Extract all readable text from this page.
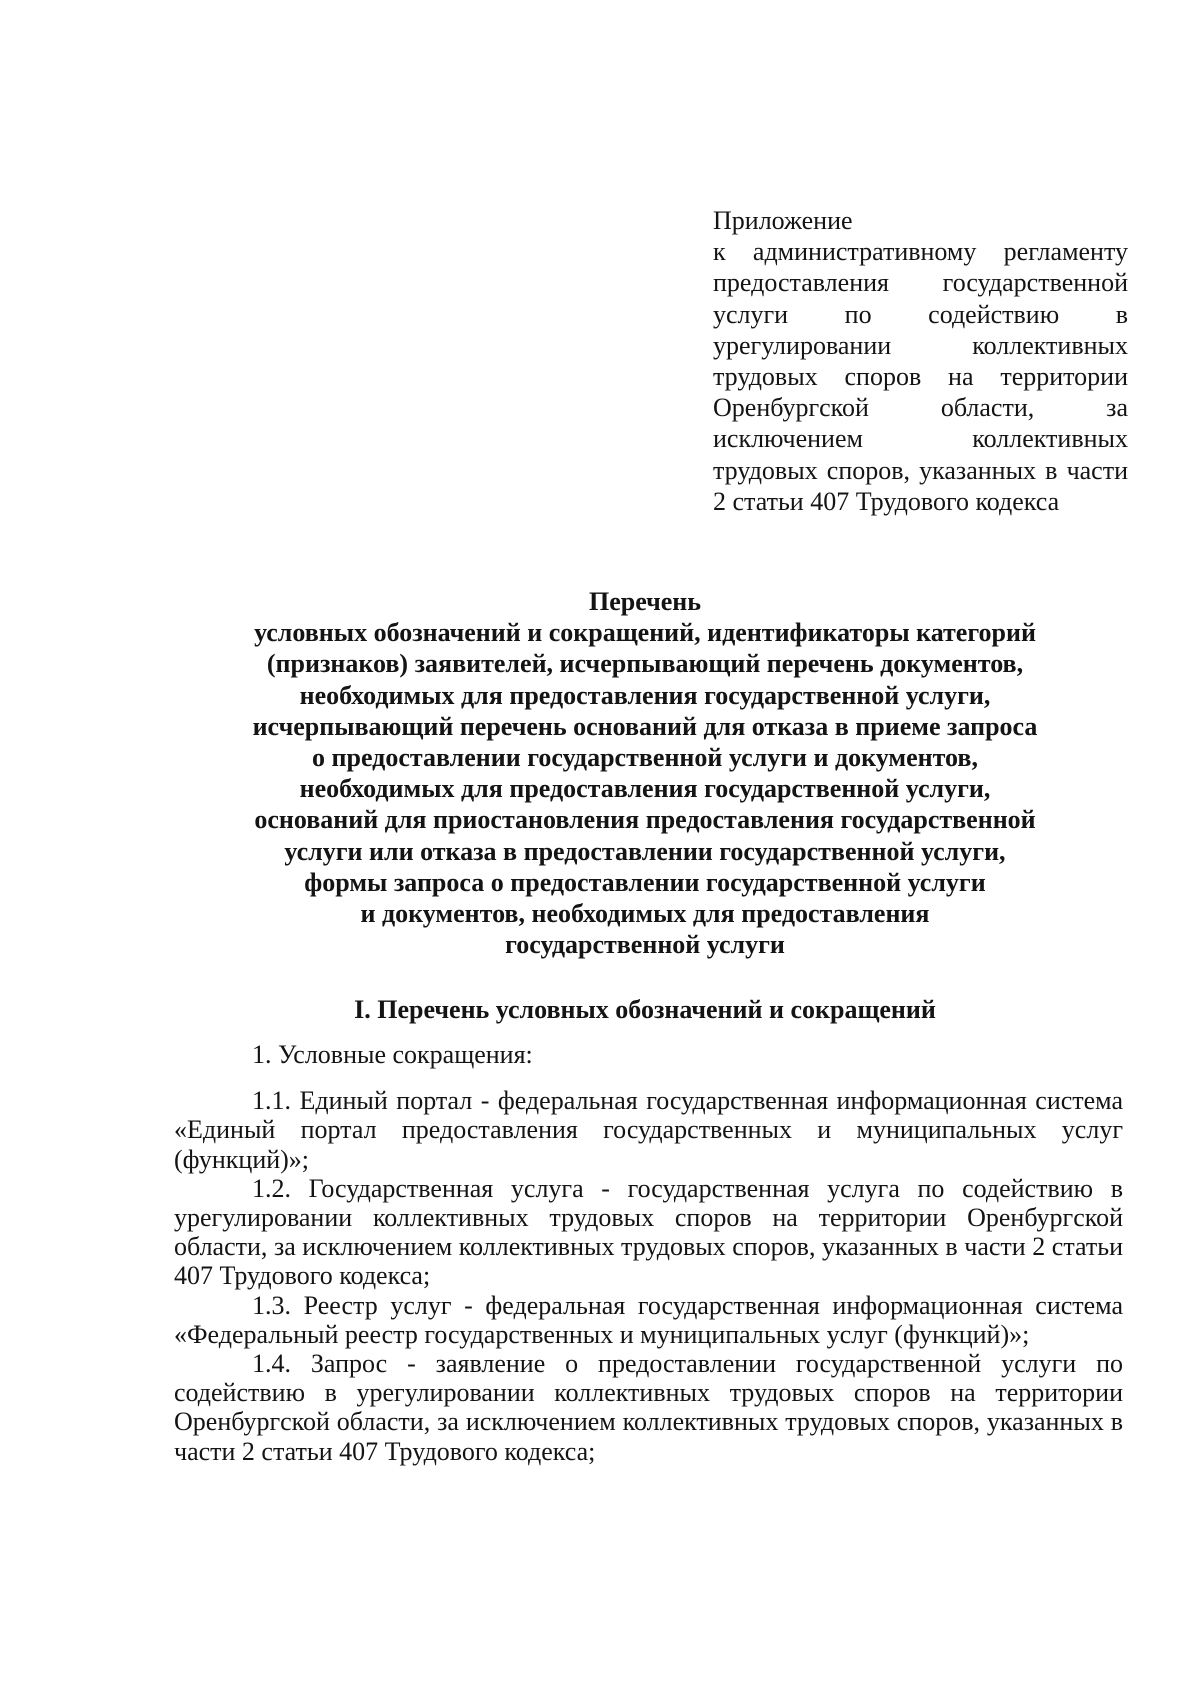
Приложение
к административному регламенту предоставления государственной услуги по содействию в урегулировании коллективных трудовых споров на территории Оренбургской области, за исключением коллективных трудовых споров, указанных в части 2 статьи 407 Трудового кодекса
Перечень
условных обозначений и сокращений, идентификаторы категорий
(признаков) заявителей, исчерпывающий перечень документов,
необходимых для предоставления государственной услуги,
исчерпывающий перечень оснований для отказа в приеме запроса
о предоставлении государственной услуги и документов,
необходимых для предоставления государственной услуги,
оснований для приостановления предоставления государственной
услуги или отказа в предоставлении государственной услуги,
формы запроса о предоставлении государственной услуги
и документов, необходимых для предоставления
государственной услуги
I. Перечень условных обозначений и сокращений

1. Условные сокращения:

1.1. Единый портал - федеральная государственная информационная система «Единый портал предоставления государственных и муниципальных услуг (функций)»;

1.2. Государственная услуга - государственная услуга по содействию в урегулировании коллективных трудовых споров на территории Оренбургской области, за исключением коллективных трудовых споров, указанных в части 2 статьи 407 Трудового кодекса;

1.3. Реестр услуг - федеральная государственная информационная система «Федеральный реестр государственных и муниципальных услуг (функций)»;

1.4. Запрос - заявление о предоставлении государственной услуги по содействию в урегулировании коллективных трудовых споров на территории Оренбургской области, за исключением коллективных трудовых споров, указанных в части 2 статьи 407 Трудового кодекса;
